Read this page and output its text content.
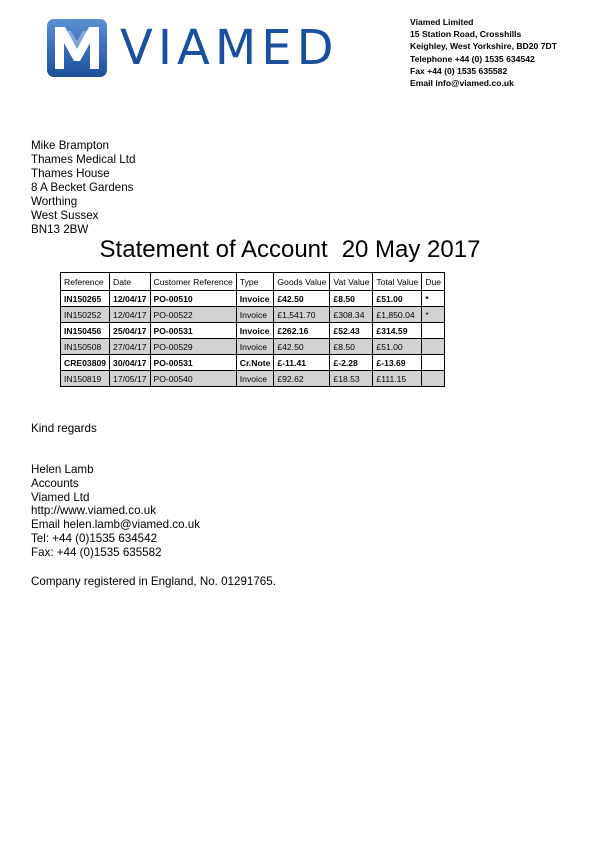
VIAMED	Viamed Limited
15 Station Road, Crosshills
Keighley, West Yorkshire, BD20 7DT
Telephone +44 (0) 1535 634542
Fax +44 (0) 1535 635582
Email info@viamed.co.uk
Mike Brampton
Thames Medical Ltd
Thames House
8 A Becket Gardens
Worthing
West Sussex
BN13 2BW
Statement of Account 20 May 2017
Reference	Date	Customer Reference	Type	Goods Value	Vat Value	Total Value	Due
IN150265	12/04/17	PO-00510	Invoice	£42.50	£8.50	£51.00	*
IN150252	12/04/17	PO-00522	Invoice	£1,541.70	£308.34	£1,850.04	*
IN150456	25/04/17	PO-00531	Invoice	£262.16	£52.43	£314.59	
IN150508	27/04/17	PO-00529	Invoice	£42.50	£8.50	£51.00	
CRE03809	30/04/17	PO-00531	Cr.Note	£-11.41	£-2.28	£-13.69	
IN150819	17/05/17	PO-00540	Invoice	£92.62	£18.53	£111.15	
Kind regards
Helen Lamb
Accounts
Viamed Ltd
http://www.viamed.co.uk
Email helen.lamb@viamed.co.uk
Tel: +44 (0)1535 634542
Fax: +44 (0)1535 635582
Company registered in England, No. 01291765.
